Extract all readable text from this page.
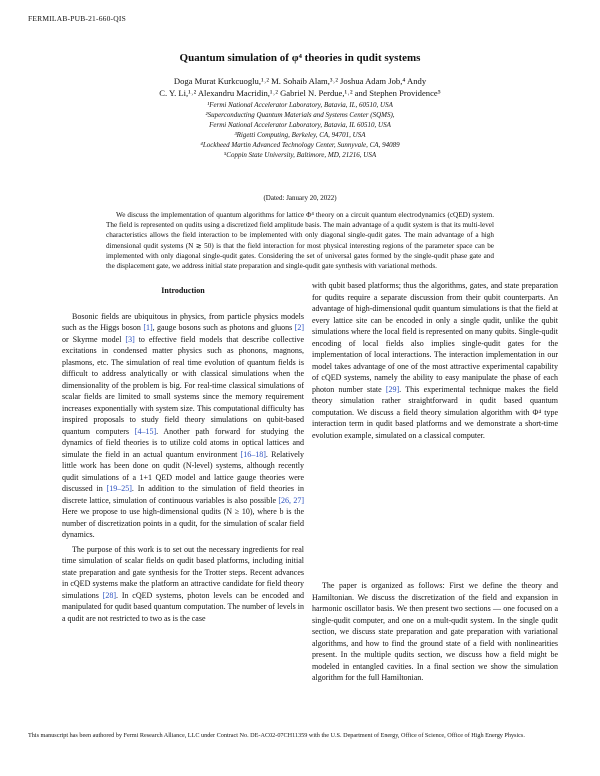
FERMILAB-PUB-21-660-QIS
Quantum simulation of φ⁴ theories in qudit systems
Doga Murat Kurkcuoglu,¹˒² M. Sohaib Alam,³˒² Joshua Adam Job,⁴ Andy
C. Y. Li,¹˒² Alexandru Macridin,¹˒² Gabriel N. Perdue,¹˒² and Stephen Providence⁵
¹Fermi National Accelerator Laboratory, Batavia, IL, 60510, USA
²Superconducting Quantum Materials and Systems Center (SQMS),
Fermi National Accelerator Laboratory, Batavia, IL 60510, USA
³Rigetti Computing, Berkeley, CA, 94701, USA
⁴Lockheed Martin Advanced Technology Center, Sunnyvale, CA, 94089
⁵Coppin State University, Baltimore, MD, 21216, USA
(Dated: January 20, 2022)
We discuss the implementation of quantum algorithms for lattice Φ⁴ theory on a circuit quantum electrodynamics (cQED) system. The field is represented on qudits using a discretized field amplitude basis. The main advantage of a qudit system is that its multi-level characteristics allows the field interaction to be implemented with only diagonal single-qudit gates. The main advantage of a high dimensional qudit systems (N ≳ 50) is that the field interaction for most physical interesting regions of the parameter space can be implemented with only diagonal single-qudit gates. Considering the set of universal gates formed by the single-qudit phase gate and the displacement gate, we address initial state preparation and single-qudit gate synthesis with variational methods.
Introduction

Bosonic fields are ubiquitous in physics, from particle physics models such as the Higgs boson [1], gauge bosons such as photons and gluons [2] or Skyrme model [3] to effective field models that describe collective excitations in condensed matter physics such as phonons, magnons, plasmons, etc. The simulation of real time evolution of quantum fields is difficult to address analytically or with classical simulations when the dimensionality of the problem is big. For real-time classical simulations of scalar fields are limited to small systems since the memory requirement increases exponentially with system size. This computational difficulty has inspired proposals to study field theory simulations on qubit-based quantum computers [4–15]. Another path forward for studying the dynamics of field theories is to utilize cold atoms in optical lattices and simulate the field in an actual quantum environment [16–18]. Relatively little work has been done on qudit (N-level) systems, although recently qudit simulations of a 1+1 QED model and lattice gauge theories were discussed in [19–25]. In addition to the simulation of field theories in discrete lattice, simulation of continuous variables is also possible [26, 27] Here we propose to use high-dimensional qudits (N ≥ 10), where b is the number of discretization points in a qudit, for the simulation of scalar field dynamics.

The purpose of this work is to set out the necessary ingredients for real time simulation of scalar fields on qudit based platforms, including initial state preparation and gate synthesis for the Trotter steps. Recent advances in cQED systems make the platform an attractive candidate for field theory simulations [28]. In cQED systems, photon levels can be encoded and manipulated for qudit based quantum computation. The number of levels in a qudit are not restricted to two as is the case

with qubit based platforms; thus the algorithms, gates, and state preparation for qudits require a separate discussion from their qubit counterparts. An advantage of high-dimensional qudit quantum simulations is that the field at every lattice site can be encoded in only a single qudit, unlike the qubit simulations where the local field is represented on many qubits. Single-qudit encoding of local fields also implies single-qudit gates for the implementation of local interactions. The interaction implementation in our model takes advantage of one of the most attractive experimental capability of cQED systems, namely the ability to easy manipulate the phase of each photon number state [29]. This experimental technique makes the field theory simulation rather straightforward in qudit based quantum computation. We discuss a field theory simulation algorithm with Φ⁴ type interaction term in qudit based platforms and we demonstrate a short-time evolution example, simulated on a classical computer.

The paper is organized as follows: First we define the theory and Hamiltonian. We discuss the discretization of the field and expansion in harmonic oscillator basis. We then present two sections — one focused on a single-qudit computer, and one on a mult-qudit system. In the single qudit section, we discuss state preparation and gate preparation with variational algorithms, and how to find the ground state of a field with nonlinearities present. In the multiple qudits section, we discuss how a field might be modeled in entangled cavities. In a final section we show the simulation algorithm for the full Hamiltonian.

This manuscript has been authored by Fermi Research Alliance, LLC under Contract No. DE-AC02-07CH11359 with the U.S. Department of Energy, Office of Science, Office of High Energy Physics.
